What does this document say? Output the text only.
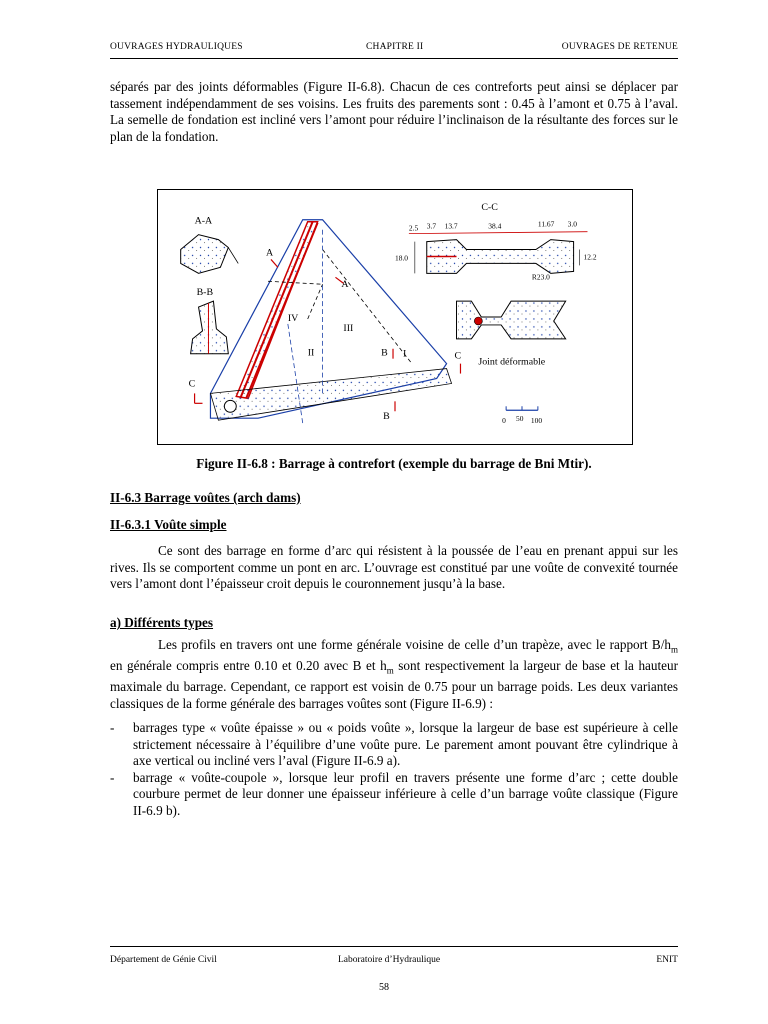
OUVRAGES HYDRAULIQUES	CHAPITRE II	OUVRAGES DE RETENUE
séparés par des joints déformables (Figure II-6.8). Chacun de ces contreforts peut ainsi se déplacer par tassement indépendamment de ses voisins. Les fruits des parements sont : 0.45 à l’amont et 0.75 à l’aval. La semelle de fondation est incliné vers l’amont pour réduire l’inclinaison de la résultante des forces sur le plan de la fondation.
A-A
B-B
C
A
A
IV
III
II	I
B
B
C
C-C
2.5 3.7 13.7	38.4	11.67 3.0
18.0	12.2
R23.0
Joint déformable
0 50 100
Figure II-6.8 : Barrage à contrefort (exemple du barrage de Bni Mtir).
II-6.3 Barrage voûtes (arch dams)
II-6.3.1 Voûte simple
Ce sont des barrage en forme d’arc qui résistent à la poussée de l’eau en prenant appui sur les rives. Ils se comportent comme un pont en arc. L’ouvrage est constitué par une voûte de convexité tournée vers l’amont dont l’épaisseur croit depuis le couronnement jusqu’à la base.
a) Différents types
Les profils en travers ont une forme générale voisine de celle d’un trapèze, avec le rapport $B/h_m$ en générale compris entre 0.10 et 0.20 avec B et $h_m$ sont respectivement la largeur de base et la hauteur maximale du barrage. Cependant, ce rapport est voisin de 0.75 pour un barrage poids. Les deux variantes classiques de la forme générale des barrages voûtes sont (Figure II-6.9) :
-	barrages type « voûte épaisse » ou « poids voûte », lorsque la largeur de base est supérieure à celle strictement nécessaire à l’équilibre d’une voûte pure. Le parement amont pouvant être cylindrique à axe vertical ou incliné vers l’aval (Figure II-6.9 a).
-	barrage « voûte-coupole », lorsque leur profil en travers présente une forme d’arc ; cette double courbure permet de leur donner une épaisseur inférieure à celle d’un barrage voûte classique (Figure II-6.9 b).
Département de Génie Civil	Laboratoire d’Hydraulique	ENIT
58
